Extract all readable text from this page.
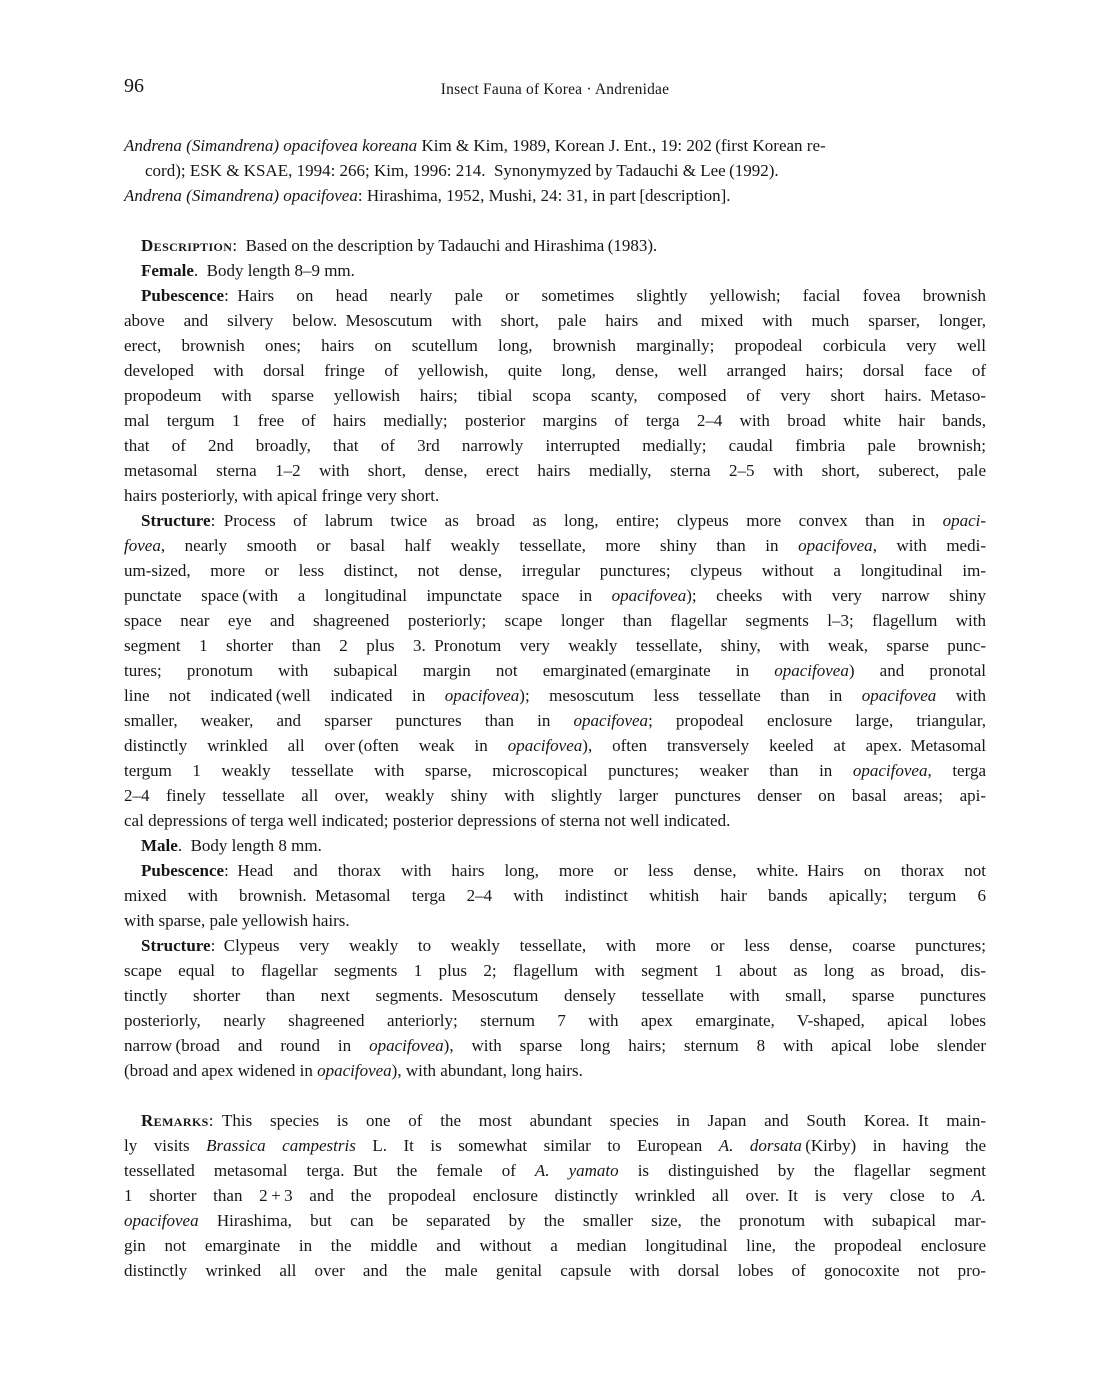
96	Insect Fauna of Korea · Andrenidae
Andrena (Simandrena) opacifovea koreana Kim & Kim, 1989, Korean J. Ent., 19: 202 (first Korean re-
cord); ESK & KSAE, 1994: 266; Kim, 1996: 214. Synonymyzed by Tadauchi & Lee (1992).
Andrena (Simandrena) opacifovea: Hirashima, 1952, Mushi, 24: 31, in part [description].
Description: Based on the description by Tadauchi and Hirashima (1983).
Female. Body length 8–9 mm.
Pubescence: Hairs on head nearly pale or sometimes slightly yellowish; facial fovea brownish
above and silvery below. Mesoscutum with short, pale hairs and mixed with much sparser, longer,
erect, brownish ones; hairs on scutellum long, brownish marginally; propodeal corbicula very well
developed with dorsal fringe of yellowish, quite long, dense, well arranged hairs; dorsal face of
propodeum with sparse yellowish hairs; tibial scopa scanty, composed of very short hairs. Metaso-
mal tergum 1 free of hairs medially; posterior margins of terga 2–4 with broad white hair bands,
that of 2nd broadly, that of 3rd narrowly interrupted medially; caudal fimbria pale brownish;
metasomal sterna 1–2 with short, dense, erect hairs medially, sterna 2–5 with short, suberect, pale
hairs posteriorly, with apical fringe very short.
Structure: Process of labrum twice as broad as long, entire; clypeus more convex than in opaci-
fovea, nearly smooth or basal half weakly tessellate, more shiny than in opacifovea, with medi-
um-sized, more or less distinct, not dense, irregular punctures; clypeus without a longitudinal im-
punctate space (with a longitudinal impunctate space in opacifovea); cheeks with very narrow shiny
space near eye and shagreened posteriorly; scape longer than flagellar segments l–3; flagellum with
segment 1 shorter than 2 plus 3. Pronotum very weakly tessellate, shiny, with weak, sparse punc-
tures; pronotum with subapical margin not emarginated (emarginate in opacifovea) and pronotal
line not indicated (well indicated in opacifovea); mesoscutum less tessellate than in opacifovea with
smaller, weaker, and sparser punctures than in opacifovea; propodeal enclosure large, triangular,
distinctly wrinkled all over (often weak in opacifovea), often transversely keeled at apex. Metasomal
tergum 1 weakly tessellate with sparse, microscopical punctures; weaker than in opacifovea, terga
2–4 finely tessellate all over, weakly shiny with slightly larger punctures denser on basal areas; api-
cal depressions of terga well indicated; posterior depressions of sterna not well indicated.
Male. Body length 8 mm.
Pubescence: Head and thorax with hairs long, more or less dense, white. Hairs on thorax not
mixed with brownish. Metasomal terga 2–4 with indistinct whitish hair bands apically; tergum 6
with sparse, pale yellowish hairs.
Structure: Clypeus very weakly to weakly tessellate, with more or less dense, coarse punctures;
scape equal to flagellar segments 1 plus 2; flagellum with segment 1 about as long as broad, dis-
tinctly shorter than next segments. Mesoscutum densely tessellate with small, sparse punctures
posteriorly, nearly shagreened anteriorly; sternum 7 with apex emarginate, V-shaped, apical lobes
narrow (broad and round in opacifovea), with sparse long hairs; sternum 8 with apical lobe slender
(broad and apex widened in opacifovea), with abundant, long hairs.
Remarks: This species is one of the most abundant species in Japan and South Korea. It main-
ly visits Brassica campestris L. It is somewhat similar to European A. dorsata (Kirby) in having the
tessellated metasomal terga. But the female of A. yamato is distinguished by the flagellar segment
1 shorter than 2 + 3 and the propodeal enclosure distinctly wrinkled all over. It is very close to A.
opacifovea Hirashima, but can be separated by the smaller size, the pronotum with subapical mar-
gin not emarginate in the middle and without a median longitudinal line, the propodeal enclosure
distinctly wrinked all over and the male genital capsule with dorsal lobes of gonocoxite not pro-
